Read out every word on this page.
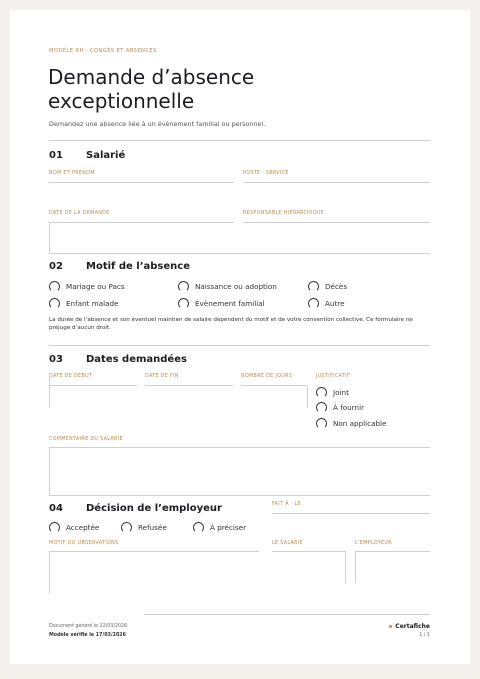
MODÈLE RH · CONGÉS ET ABSENCES
Demande d’absence exceptionnelle
Demandez une absence liée à un évènement familial ou personnel.
01 Salarié
NOM ET PRÉNOM	POSTE · SERVICE
DATE DE LA DEMANDE	RESPONSABLE HIÉRARCHIQUE
02 Motif de l’absence
Mariage ou Pacs	Naissance ou adoption	Décès
Enfant malade	Évènement familial	Autre
La durée de l’absence et son éventuel maintien de salaire dépendent du motif et de votre convention collective. Ce formulaire ne préjuge d’aucun droit.
03 Dates demandées
DATE DE DÉBUT	DATE DE FIN	NOMBRE DE JOURS	JUSTIFICATIF
Joint
À fournir
Non applicable
COMMENTAIRE DU SALARIÉ
04 Décision de l’employeur	FAIT À · LE
Acceptée	Refusée	À préciser
MOTIF OU OBSERVATIONS	LE SALARIÉ	L’EMPLOYEUR
Document généré le 22/03/2026
Modèle vérifié le 17/03/2026
Certafiche
1 / 1
